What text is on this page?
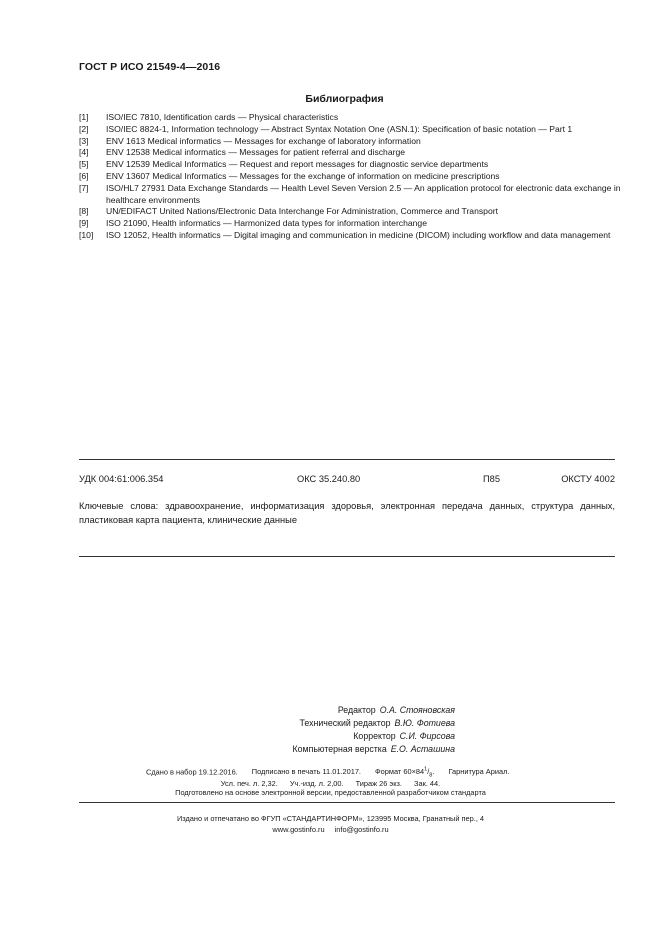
ГОСТ Р ИСО 21549-4—2016
Библиография
[1]	ISO/IEC 7810, Identification cards — Physical characteristics
[2]	ISO/IEC 8824-1, Information technology — Abstract Syntax Notation One (ASN.1): Specification of basic notation — Part 1
[3]	ENV 1613 Medical informatics — Messages for exchange of laboratory information
[4]	ENV 12538 Medical informatics — Messages for patient referral and discharge
[5]	ENV 12539 Medical Informatics — Request and report messages for diagnostic service departments
[6]	ENV 13607 Medical Informatics — Messages for the exchange of information on medicine prescriptions
[7]	ISO/HL7 27931 Data Exchange Standards — Health Level Seven Version 2.5 — An application protocol for electronic data exchange in healthcare environments
[8]	UN/EDIFACT United Nations/Electronic Data Interchange For Administration, Commerce and Transport
[9]	ISO 21090, Health informatics — Harmonized data types for information interchange
[10]	ISO 12052, Health informatics — Digital imaging and communication in medicine (DICOM) including workflow and data management
УДК 004:61:006.354	ОКС 35.240.80	П85	ОКСТУ 4002
Ключевые слова: здравоохранение, информатизация здоровья, электронная передача данных, структура данных, пластиковая карта пациента, клинические данные
Редактор О.А. Стояновская
Технический редактор В.Ю. Фотиева
Корректор С.И. Фирсова
Компьютерная верстка Е.О. Асташина
Сдано в набор 19.12.2016. Подписано в печать 11.01.2017. Формат $60\times 84^1/_8$. Гарнитура Ариал.
Усл. печ. л. 2,32. Уч.-изд. л. 2,00. Тираж 26 экз. Зак. 44.
Подготовлено на основе электронной версии, предоставленной разработчиком стандарта
Издано и отпечатано во ФГУП «СТАНДАРТИНФОРМ», 123995 Москва, Гранатный пер., 4
www.gostinfo.ru info@gostinfo.ru
